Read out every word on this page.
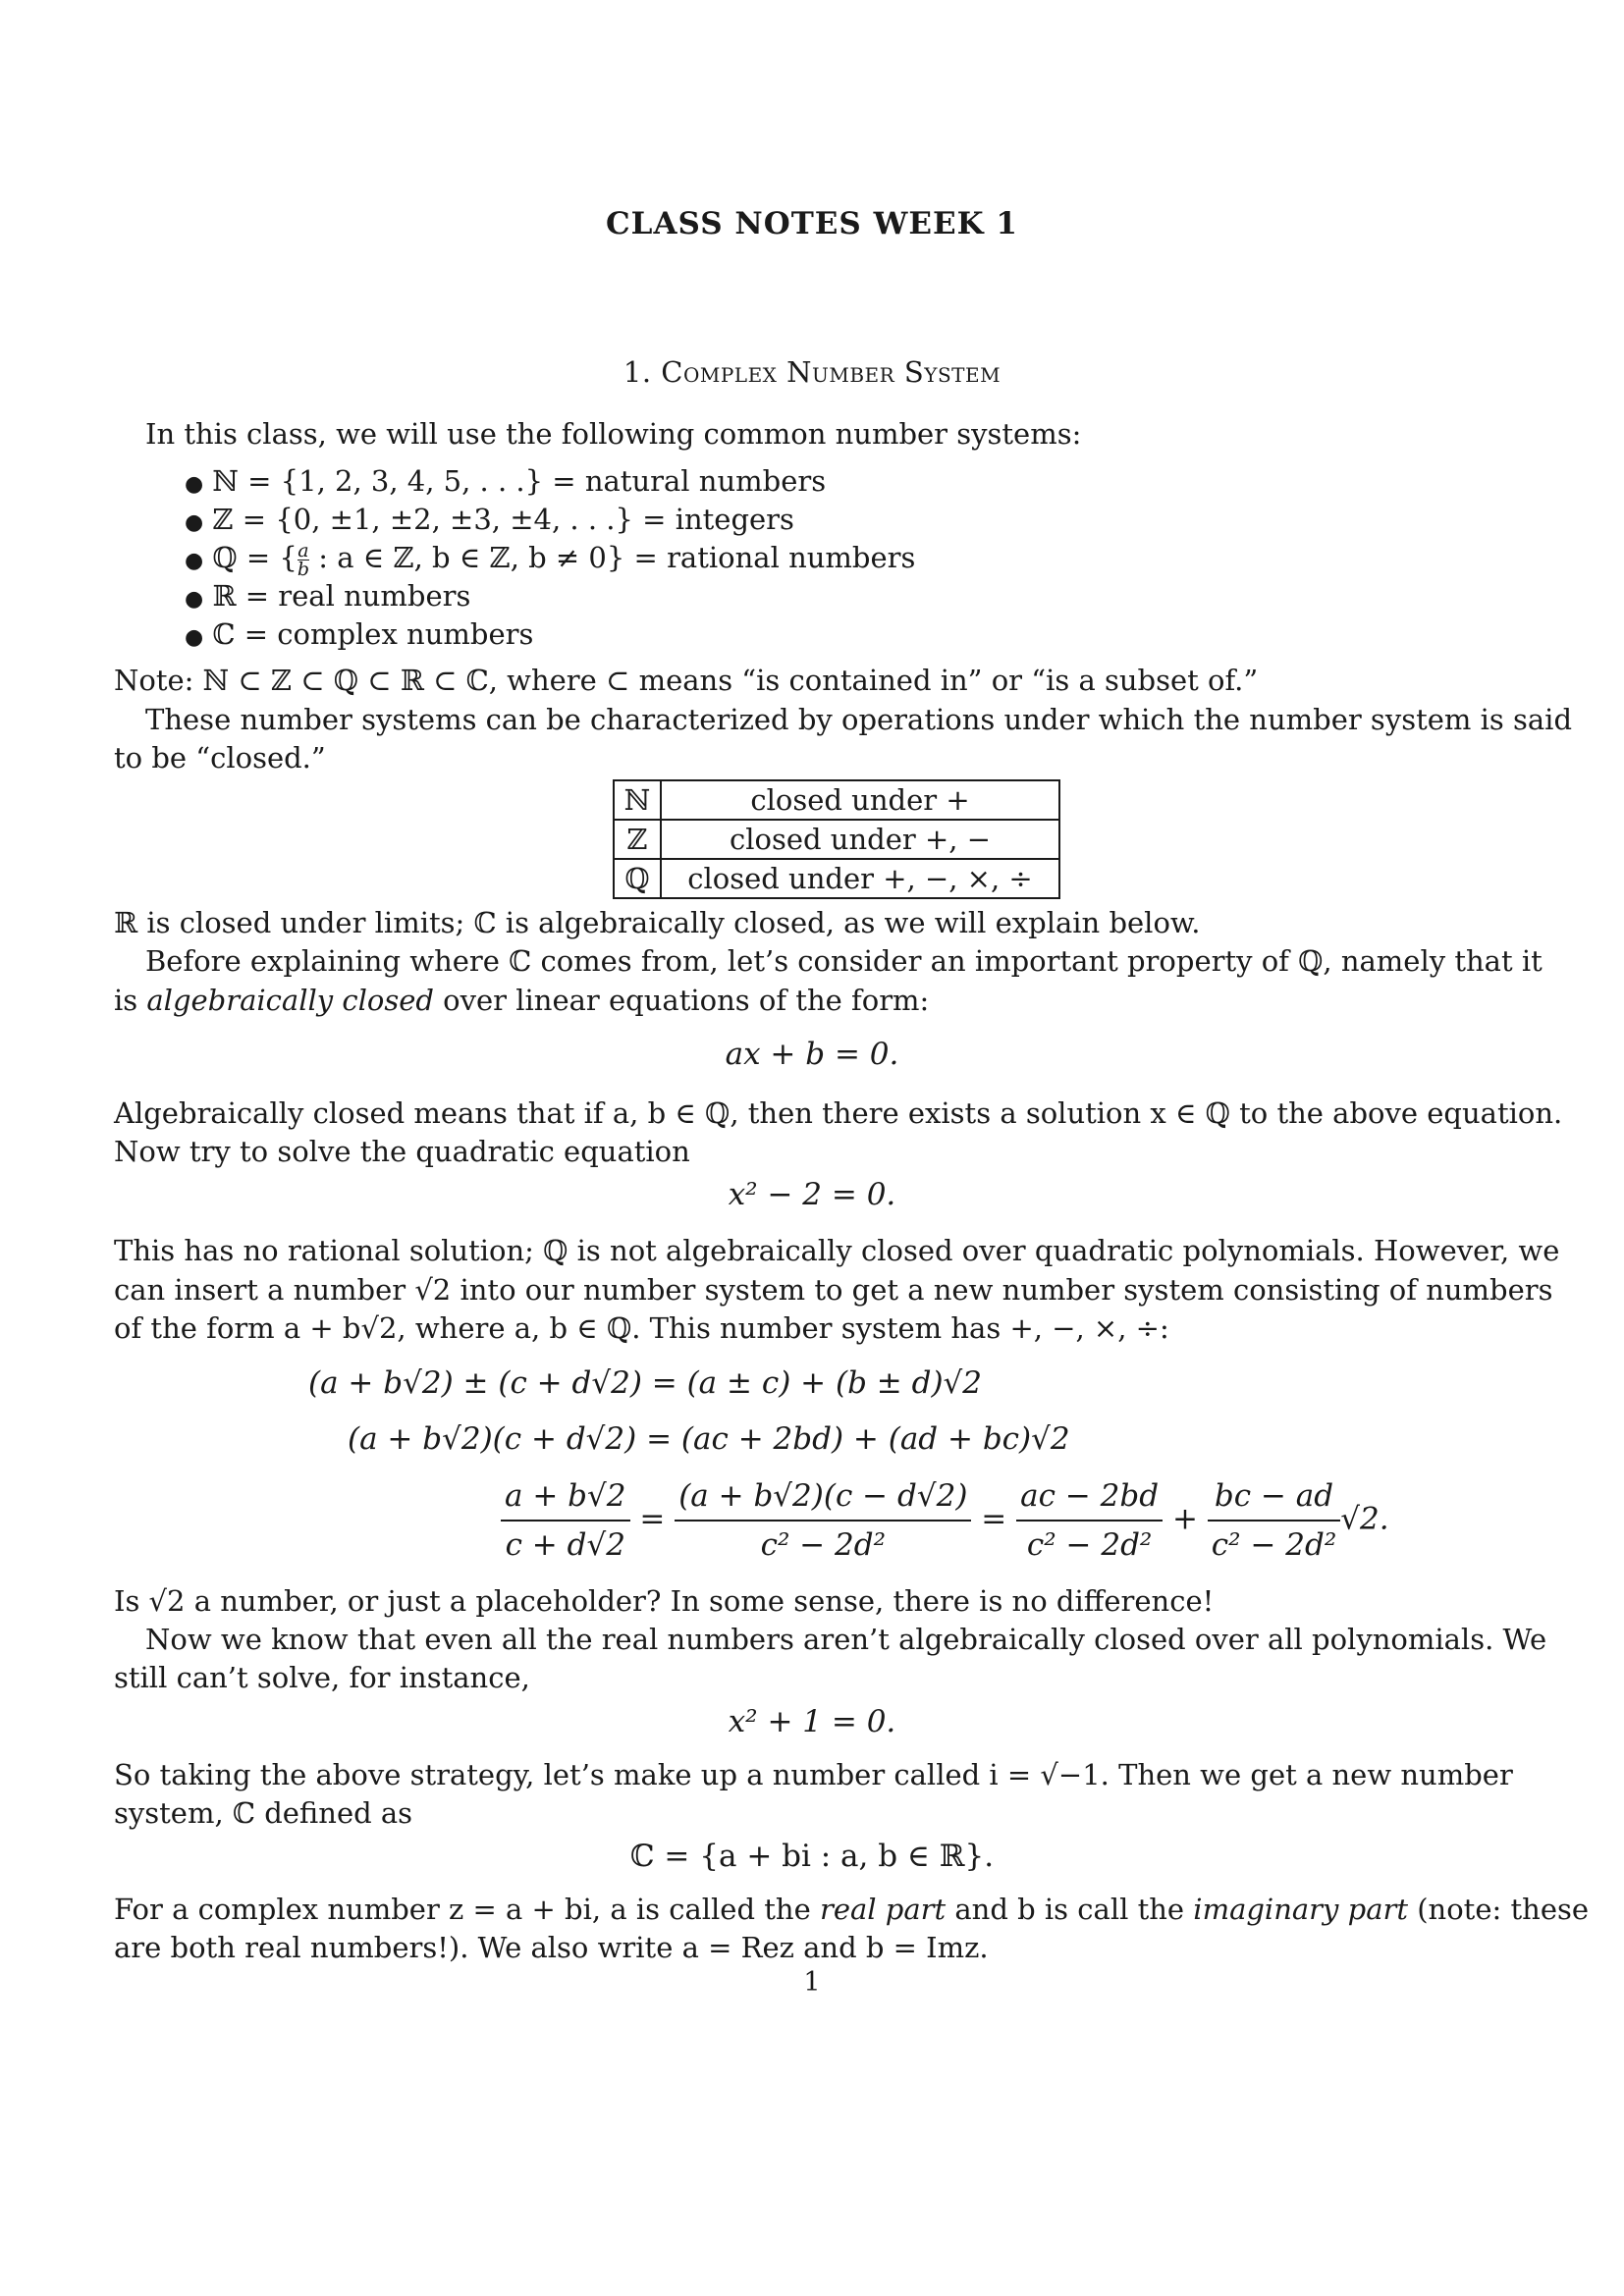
CLASS NOTES WEEK 1
1. Complex Number System
In this class, we will use the following common number systems:
● ℕ = {1, 2, 3, 4, 5, . . .} = natural numbers
● ℤ = {0, ±1, ±2, ±3, ±4, . . .} = integers
● ℚ = { $\frac{a}{b}$ : a ∈ ℤ, b ∈ ℤ, b ≠ 0} = rational numbers
● ℝ = real numbers
● ℂ = complex numbers
Note: ℕ ⊂ ℤ ⊂ ℚ ⊂ ℝ ⊂ ℂ, where ⊂ means “is contained in” or “is a subset of.”
These number systems can be characterized by operations under which the number system is said
to be “closed.”
ℕ	closed under +
ℤ	closed under +, −
ℚ	closed under +, −, ×, ÷
ℝ is closed under limits; ℂ is algebraically closed, as we will explain below.
Before explaining where ℂ comes from, let’s consider an important property of ℚ, namely that it
is algebraically closed over linear equations of the form:
ax + b = 0.
Algebraically closed means that if a, b ∈ ℚ, then there exists a solution x ∈ ℚ to the above equation.
Now try to solve the quadratic equation
x² − 2 = 0.
This has no rational solution; ℚ is not algebraically closed over quadratic polynomials. However, we
can insert a number √2 into our number system to get a new number system consisting of numbers
of the form a + b√2, where a, b ∈ ℚ. This number system has +, −, ×, ÷:
(a + b√2) ± (c + d√2) = (a ± c) + (b ± d)√2
(a + b√2)(c + d√2) = (ac + 2bd) + (ad + bc)√2
$\frac{a + b√2}{c + d√2} = \frac{(a + b√2)(c - d√2)}{\text{c² − 2d²}} = \frac{ac - 2bd}{\text{c² − 2d²}} + \frac{bc - ad}{\text{c² − 2d²}} √2$.
Is √2 a number, or just a placeholder? In some sense, there is no difference!
Now we know that even all the real numbers aren’t algebraically closed over all polynomials. We
still can’t solve, for instance,
x² + 1 = 0.
So taking the above strategy, let’s make up a number called i = √−1. Then we get a new number
system, ℂ defined as
ℂ = {a + bi : a, b ∈ ℝ}.
For a complex number z = a + bi, a is called the real part and b is call the imaginary part (note: these
are both real numbers!). We also write a = Rez and b = Imz.
1
